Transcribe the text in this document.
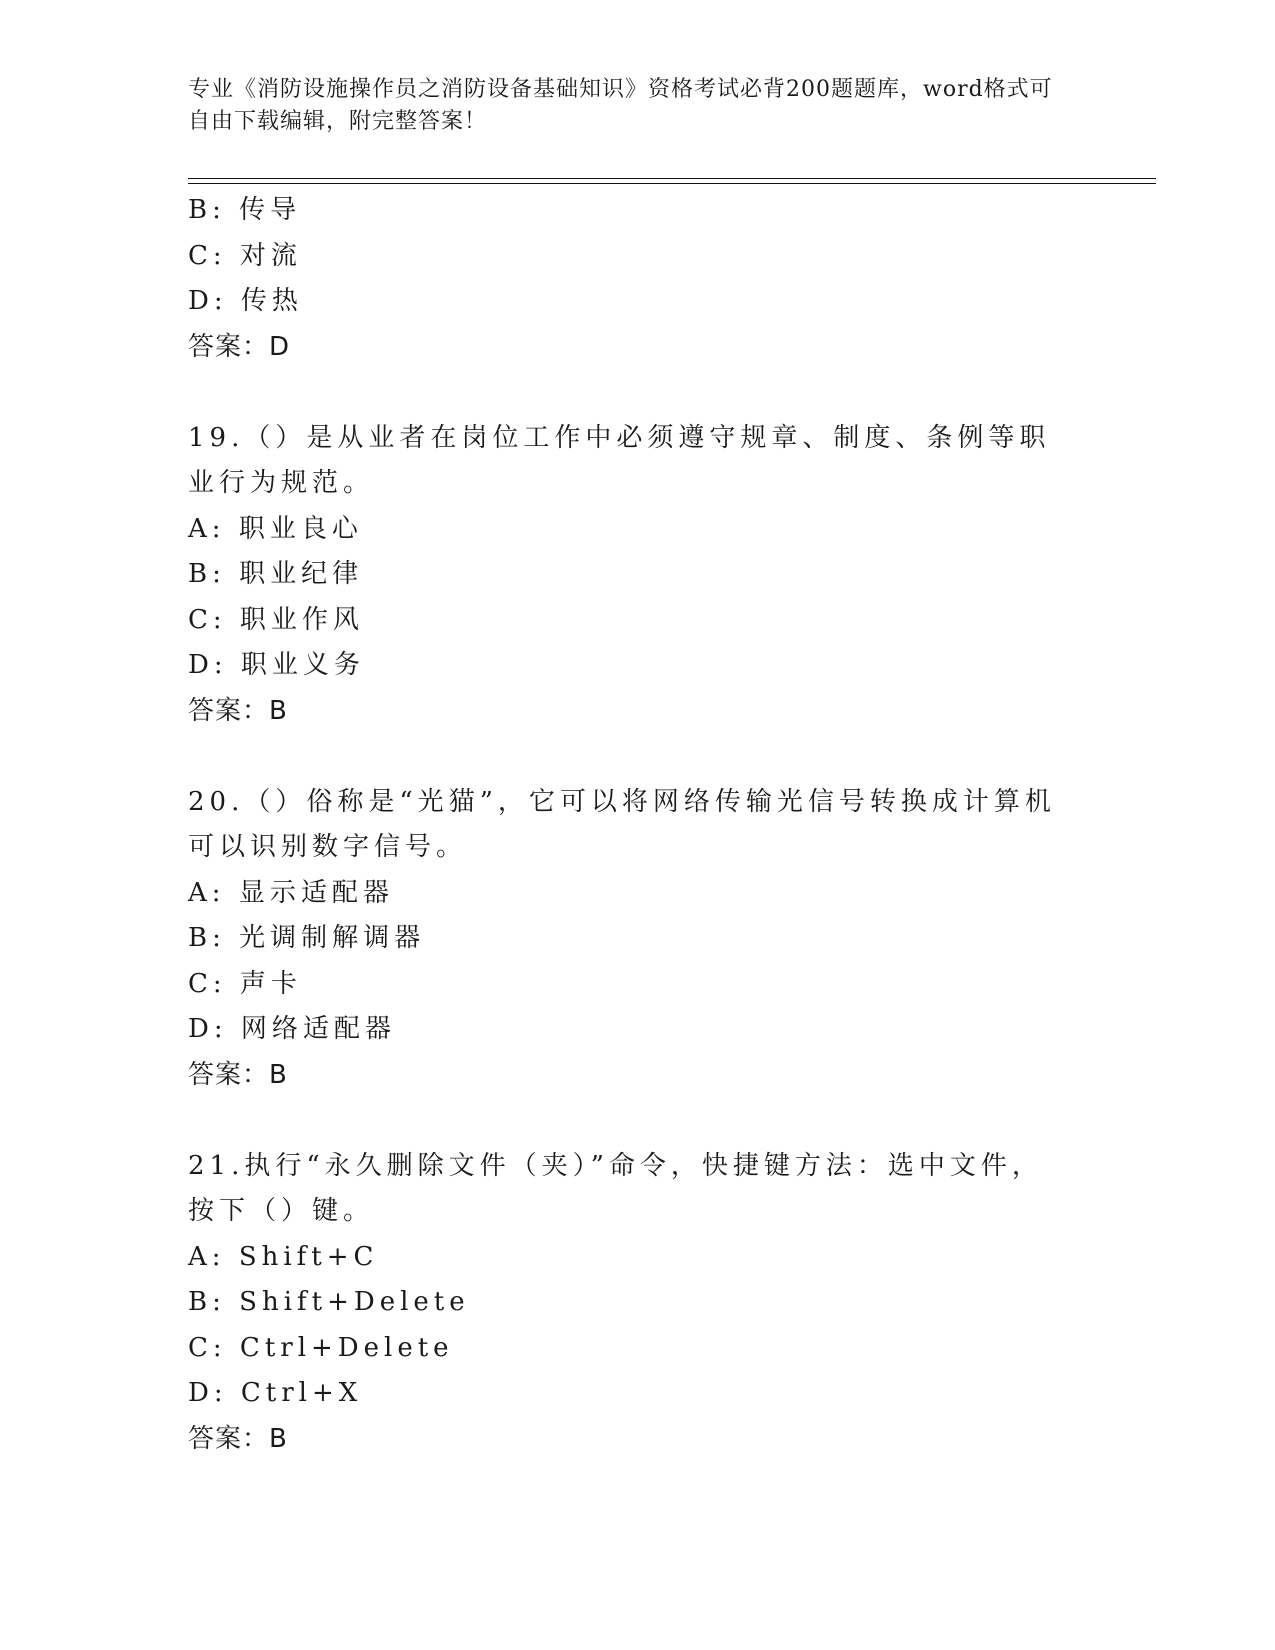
专业《消防设施操作员之消防设备基础知识》资格考试必背200题题库，word格式可自由下载编辑，附完整答案！
B: 传导
C: 对流
D: 传热
答案：D
19.（）是从业者在岗位工作中必须遵守规章、制度、条例等职业行为规范。
A: 职业良心
B: 职业纪律
C: 职业作风
D: 职业义务
答案：B
20.（）俗称是“光猫”，它可以将网络传输光信号转换成计算机可以识别数字信号。
A: 显示适配器
B: 光调制解调器
C: 声卡
D: 网络适配器
答案：B
21.执行“永久删除文件（夹）”命令，快捷键方法：选中文件，按下（）键。
A: Shift+C
B: Shift+Delete
C: Ctrl+Delete
D: Ctrl+X
答案：B
